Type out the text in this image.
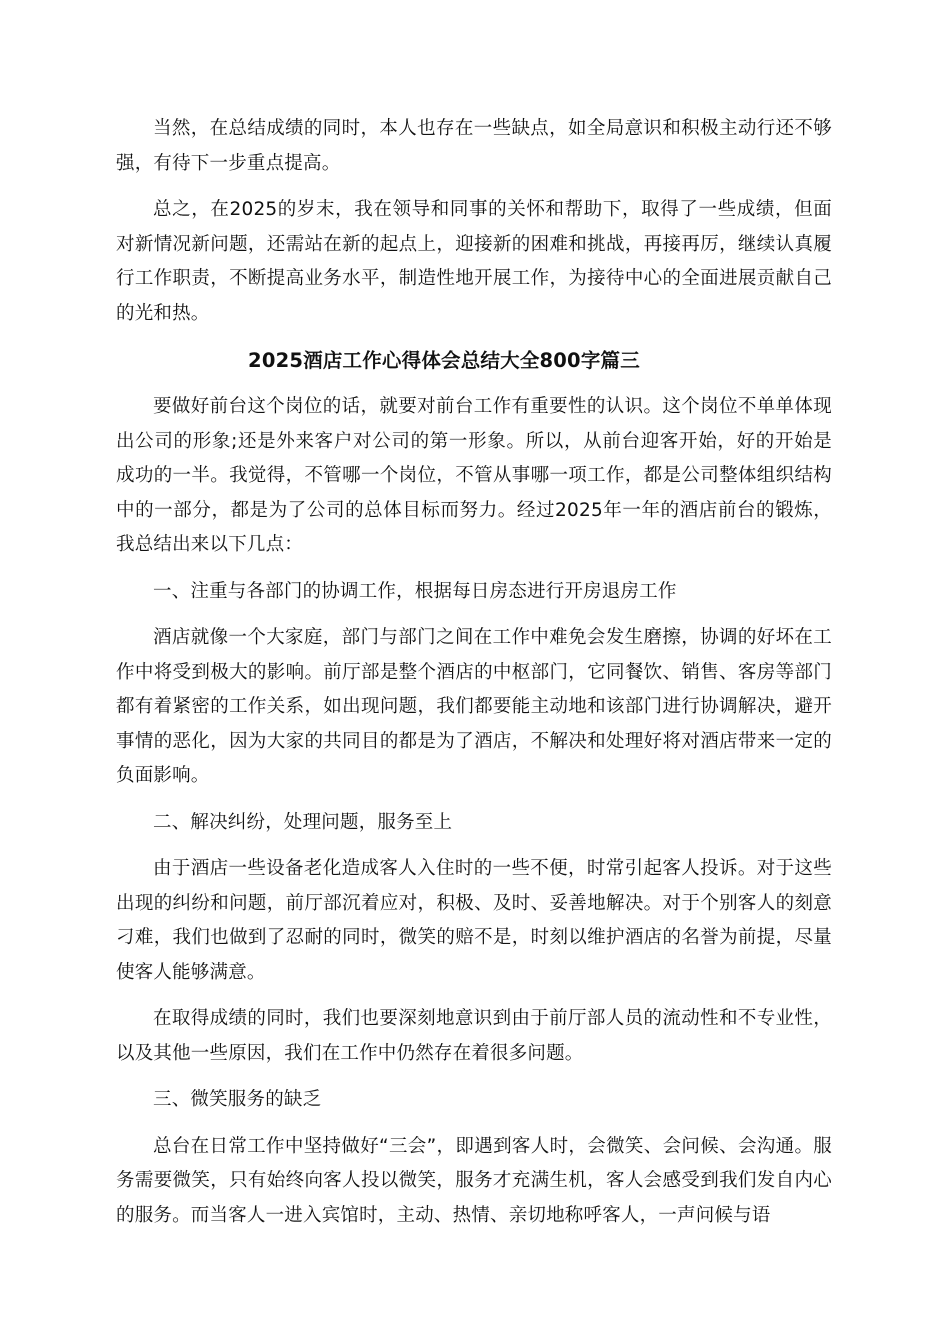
当然，在总结成绩的同时，本人也存在一些缺点，如全局意识和积极主动行还不够强，有待下一步重点提高。

总之，在2025的岁末，我在领导和同事的关怀和帮助下，取得了一些成绩，但面对新情况新问题，还需站在新的起点上，迎接新的困难和挑战，再接再厉，继续认真履行工作职责，不断提高业务水平，制造性地开展工作，为接待中心的全面进展贡献自己的光和热。

2025酒店工作心得体会总结大全800字篇三

要做好前台这个岗位的话，就要对前台工作有重要性的认识。这个岗位不单单体现出公司的形象;还是外来客户对公司的第一形象。所以，从前台迎客开始，好的开始是成功的一半。我觉得，不管哪一个岗位，不管从事哪一项工作，都是公司整体组织结构中的一部分，都是为了公司的总体目标而努力。经过2025年一年的酒店前台的锻炼，我总结出来以下几点：

一、注重与各部门的协调工作，根据每日房态进行开房退房工作

酒店就像一个大家庭，部门与部门之间在工作中难免会发生磨擦，协调的好坏在工作中将受到极大的影响。前厅部是整个酒店的中枢部门，它同餐饮、销售、客房等部门都有着紧密的工作关系，如出现问题，我们都要能主动地和该部门进行协调解决，避开事情的恶化，因为大家的共同目的都是为了酒店，不解决和处理好将对酒店带来一定的负面影响。

二、解决纠纷，处理问题，服务至上

由于酒店一些设备老化造成客人入住时的一些不便，时常引起客人投诉。对于这些出现的纠纷和问题，前厅部沉着应对，积极、及时、妥善地解决。对于个别客人的刻意刁难，我们也做到了忍耐的同时，微笑的赔不是，时刻以维护酒店的名誉为前提，尽量使客人能够满意。

在取得成绩的同时，我们也要深刻地意识到由于前厅部人员的流动性和不专业性，以及其他一些原因，我们在工作中仍然存在着很多问题。

三、微笑服务的缺乏

总台在日常工作中坚持做好“三会”，即遇到客人时，会微笑、会问候、会沟通。服务需要微笑，只有始终向客人投以微笑，服务才充满生机，客人会感受到我们发自内心的服务。而当客人一进入宾馆时，主动、热情、亲切地称呼客人，一声问候与语
